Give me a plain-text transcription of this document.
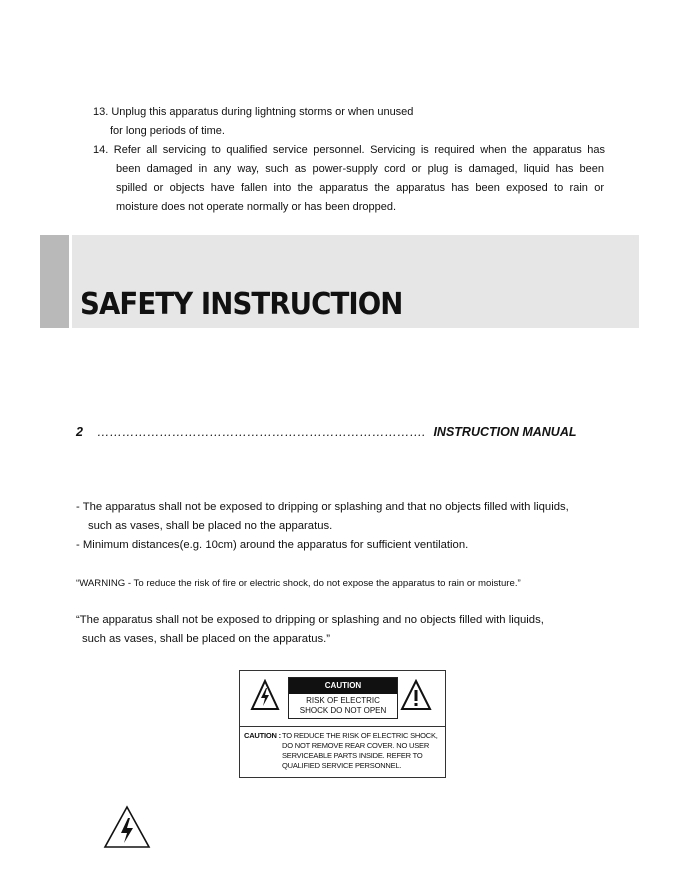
13. Unplug this apparatus during lightning storms or when unused

for long periods of time.

14. Refer all servicing to qualified service personnel. Servicing is required when the apparatus has

been damaged in any way, such as power-supply cord or plug is damaged, liquid has been

spilled or objects have fallen into the apparatus the apparatus has been exposed to rain or

moisture does not operate normally or has been dropped.

SAFETY INSTRUCTION
2 ……………………………………………………………………. INSTRUCTION MANUAL

- The apparatus shall not be exposed to dripping or splashing and that no objects filled with liquids,

such as vases, shall be placed no the apparatus.

- Minimum distances(e.g. 10cm) around the apparatus for sufficient ventilation.

“WARNING - To reduce the risk of fire or electric shock, do not expose the apparatus to rain or moisture.”

“The apparatus shall not be exposed to dripping or splashing and no objects filled with liquids,

such as vases, shall be placed on the apparatus.”

CAUTION
RISK OF ELECTRIC
SHOCK DO NOT OPEN
CAUTION : TO REDUCE THE RISK OF ELECTRIC SHOCK,
DO NOT REMOVE REAR COVER. NO USER
SERVICEABLE PARTS INSIDE. REFER TO
QUALIFIED SERVICE PERSONNEL.
